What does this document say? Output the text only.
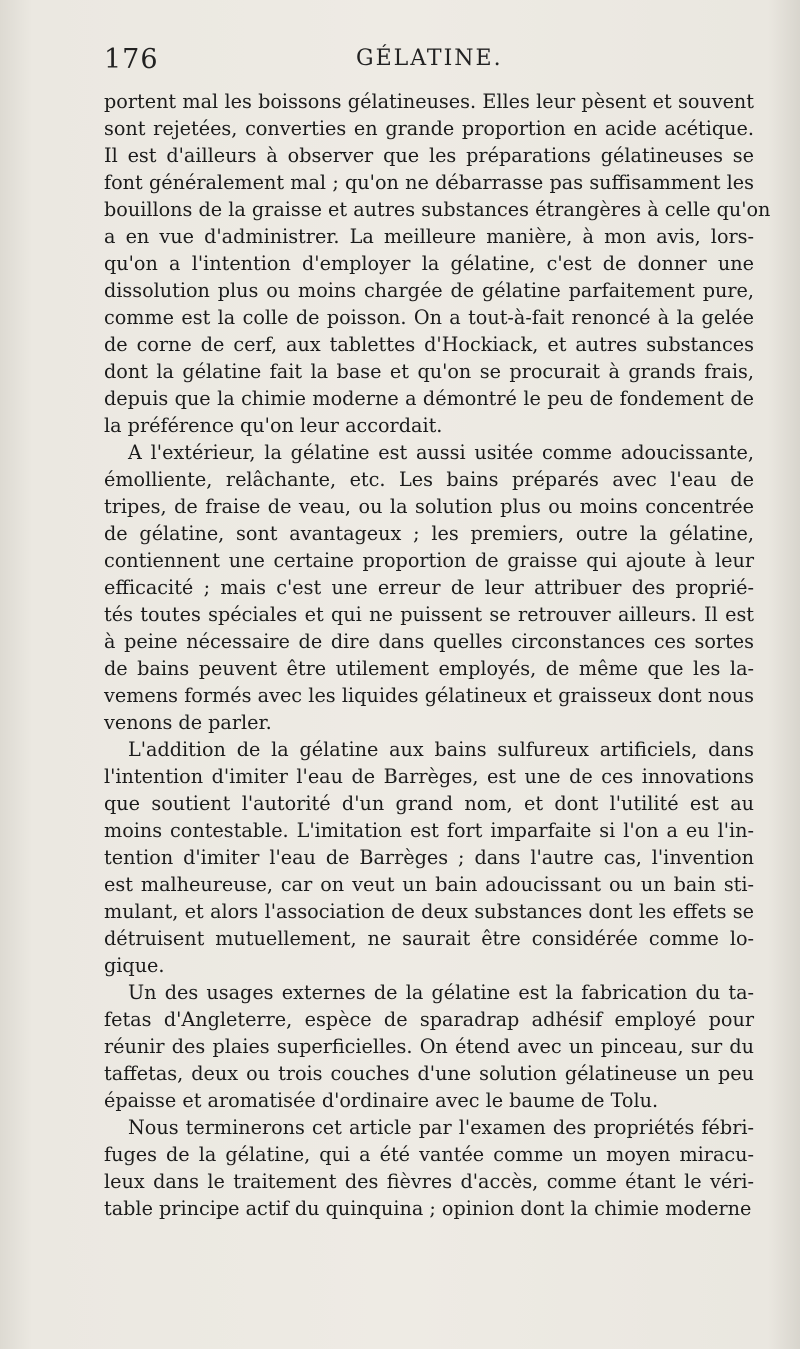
176	GÉLATINE.
portent mal les boissons gélatineuses. Elles leur pèsent et souvent
sont rejetées, converties en grande proportion en acide acétique.
Il est d'ailleurs à observer que les préparations gélatineuses se
font généralement mal ; qu'on ne débarrasse pas suffisamment les
bouillons de la graisse et autres substances étrangères à celle qu'on
a en vue d'administrer. La meilleure manière, à mon avis, lors-
qu'on a l'intention d'employer la gélatine, c'est de donner une
dissolution plus ou moins chargée de gélatine parfaitement pure,
comme est la colle de poisson. On a tout-à-fait renoncé à la gelée
de corne de cerf, aux tablettes d'Hockiack, et autres substances
dont la gélatine fait la base et qu'on se procurait à grands frais,
depuis que la chimie moderne a démontré le peu de fondement de
la préférence qu'on leur accordait.
A l'extérieur, la gélatine est aussi usitée comme adoucissante,
émolliente, relâchante, etc. Les bains préparés avec l'eau de
tripes, de fraise de veau, ou la solution plus ou moins concentrée
de gélatine, sont avantageux ; les premiers, outre la gélatine,
contiennent une certaine proportion de graisse qui ajoute à leur
efficacité ; mais c'est une erreur de leur attribuer des proprié-
tés toutes spéciales et qui ne puissent se retrouver ailleurs. Il est
à peine nécessaire de dire dans quelles circonstances ces sortes
de bains peuvent être utilement employés, de même que les la-
vemens formés avec les liquides gélatineux et graisseux dont nous
venons de parler.
L'addition de la gélatine aux bains sulfureux artificiels, dans
l'intention d'imiter l'eau de Barrèges, est une de ces innovations
que soutient l'autorité d'un grand nom, et dont l'utilité est au
moins contestable. L'imitation est fort imparfaite si l'on a eu l'in-
tention d'imiter l'eau de Barrèges ; dans l'autre cas, l'invention
est malheureuse, car on veut un bain adoucissant ou un bain sti-
mulant, et alors l'association de deux substances dont les effets se
détruisent mutuellement, ne saurait être considérée comme lo-
gique.
Un des usages externes de la gélatine est la fabrication du ta-
fetas d'Angleterre, espèce de sparadrap adhésif employé pour
réunir des plaies superficielles. On étend avec un pinceau, sur du
taffetas, deux ou trois couches d'une solution gélatineuse un peu
épaisse et aromatisée d'ordinaire avec le baume de Tolu.
Nous terminerons cet article par l'examen des propriétés fébri-
fuges de la gélatine, qui a été vantée comme un moyen miracu-
leux dans le traitement des fièvres d'accès, comme étant le véri-
table principe actif du quinquina ; opinion dont la chimie moderne
